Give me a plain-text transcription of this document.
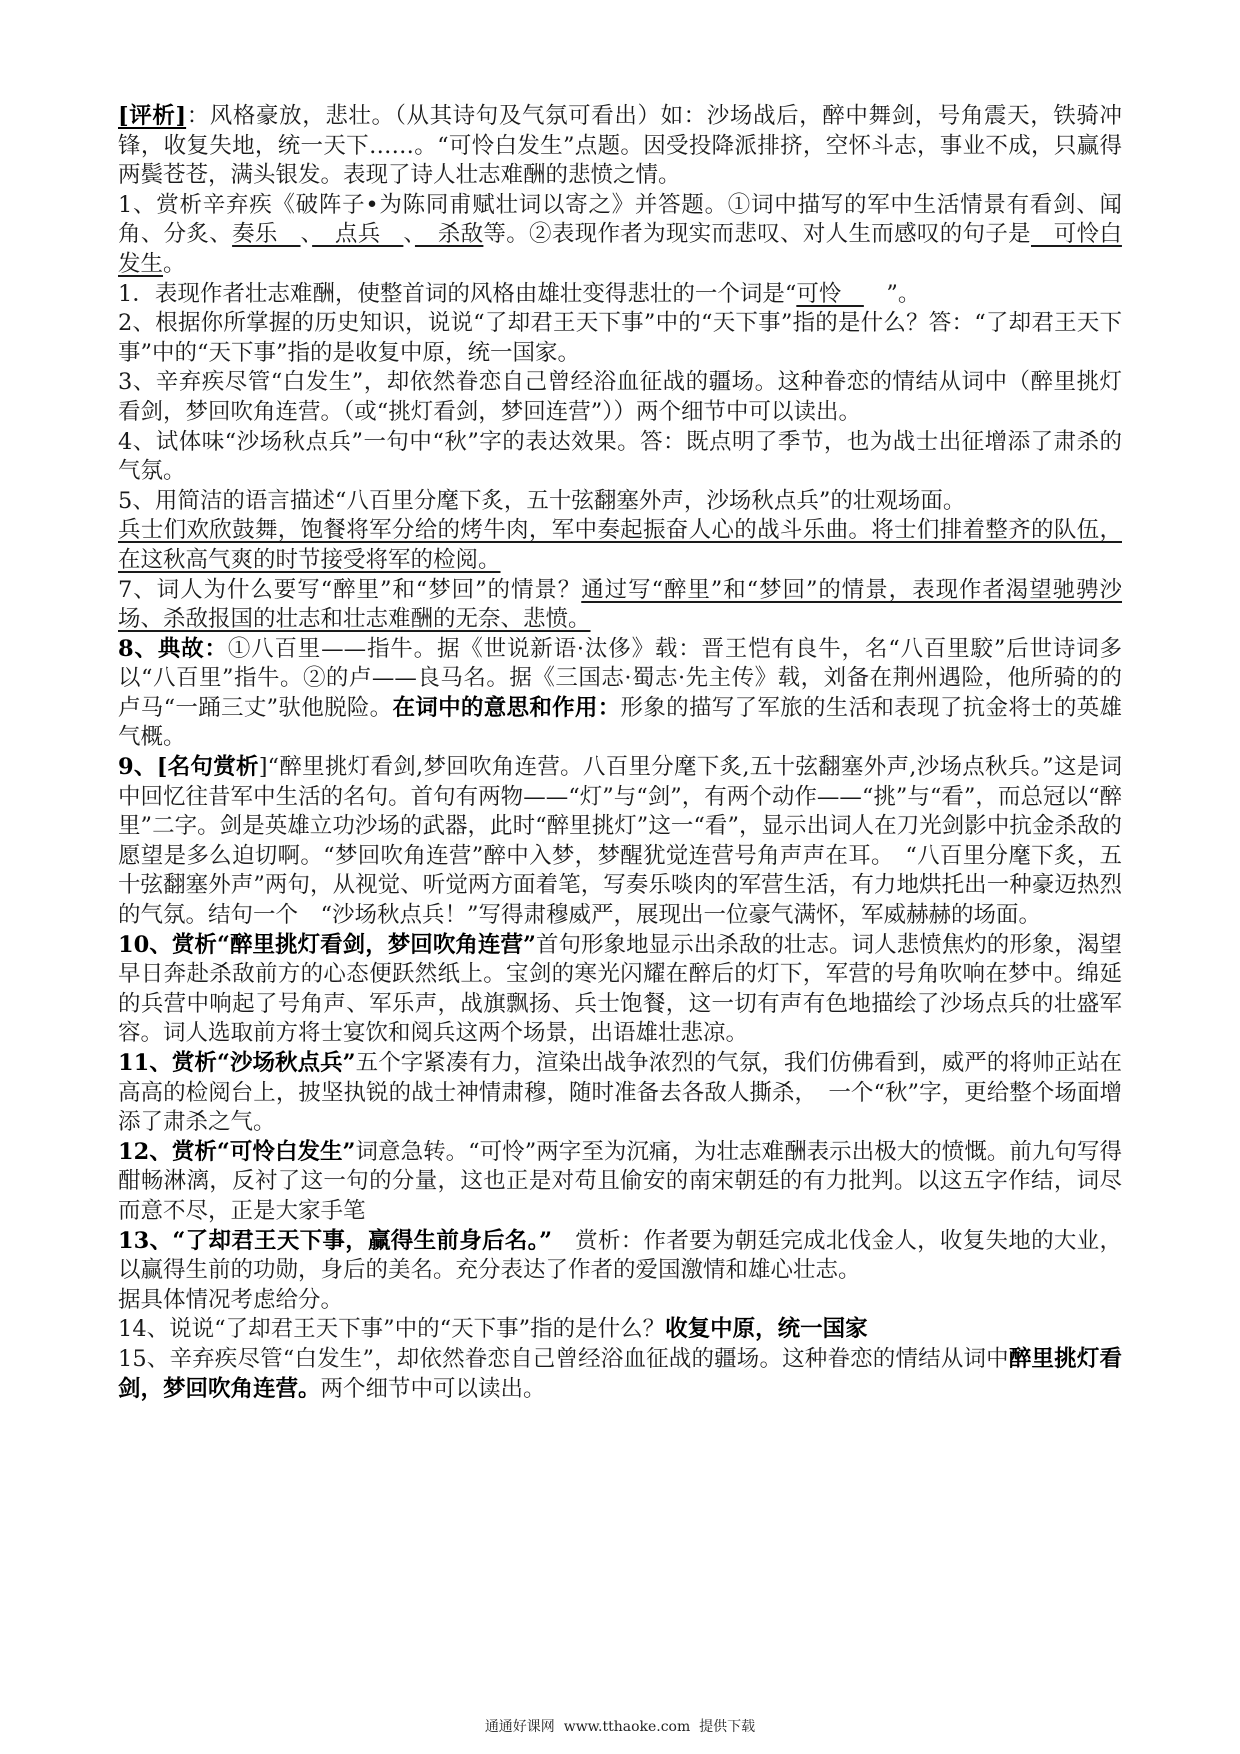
[评析]：风格豪放，悲壮。（从其诗句及气氛可看出）如：沙场战后，醉中舞剑，号角震天，铁骑冲锋，收复失地，统一天下……。“可怜白发生”点题。因受投降派排挤，空怀斗志，事业不成，只赢得两鬓苍苍，满头银发。表现了诗人壮志难酬的悲愤之情。

1、赏析辛弃疾《破阵子•为陈同甫赋壮词以寄之》并答题。①词中描写的军中生活情景有看剑、闻角、分炙、奏乐　、　点兵　、　杀敌等。②表现作者为现实而悲叹、对人生而感叹的句子是　可怜白发生。

1．表现作者壮志难酬，使整首词的风格由雄壮变得悲壮的一个词是“可怜　　”。

2、根据你所掌握的历史知识，说说“了却君王天下事”中的“天下事”指的是什么？答：“了却君王天下事”中的“天下事”指的是收复中原，统一国家。

3、辛弃疾尽管“白发生”，却依然眷恋自己曾经浴血征战的疆场。这种眷恋的情结从词中（醉里挑灯看剑，梦回吹角连营。（或“挑灯看剑，梦回连营”））两个细节中可以读出。

4、试体味“沙场秋点兵”一句中“秋”字的表达效果。答：既点明了季节，也为战士出征增添了肃杀的气氛。

5、用简洁的语言描述“八百里分麾下炙，五十弦翻塞外声，沙场秋点兵”的壮观场面。

兵士们欢欣鼓舞，饱餐将军分给的烤牛肉，军中奏起振奋人心的战斗乐曲。将士们排着整齐的队伍，在这秋高气爽的时节接受将军的检阅。

7、词人为什么要写“醉里”和“梦回”的情景？通过写“醉里”和“梦回”的情景，表现作者渴望驰骋沙场、杀敌报国的壮志和壮志难酬的无奈、悲愤。

8、典故：①八百里——指牛。据《世说新语·汰侈》载：晋王恺有良牛，名“八百里駮”后世诗词多以“八百里”指牛。②的卢——良马名。据《三国志·蜀志·先主传》载，刘备在荆州遇险，他所骑的的卢马“一踊三丈”驮他脱险。在词中的意思和作用：形象的描写了军旅的生活和表现了抗金将士的英雄气概。

9、[名句赏析]“醉里挑灯看剑,梦回吹角连营。八百里分麾下炙,五十弦翻塞外声,沙场点秋兵。”这是词中回忆往昔军中生活的名句。首句有两物——“灯”与“剑”，有两个动作——“挑”与“看”，而总冠以“醉里”二字。剑是英雄立功沙场的武器，此时“醉里挑灯”这一“看”，显示出词人在刀光剑影中抗金杀敌的愿望是多么迫切啊。“梦回吹角连营”醉中入梦，梦醒犹觉连营号角声声在耳。　“八百里分麾下炙，五十弦翻塞外声”两句，从视觉、听觉两方面着笔，写奏乐啖肉的军营生活，有力地烘托出一种豪迈热烈的气氛。结句一个　“沙场秋点兵！”写得肃穆威严，展现出一位豪气满怀，军威赫赫的场面。

10、赏析“醉里挑灯看剑，梦回吹角连营”首句形象地显示出杀敌的壮志。词人悲愤焦灼的形象，渴望早日奔赴杀敌前方的心态便跃然纸上。宝剑的寒光闪耀在醉后的灯下，军营的号角吹响在梦中。绵延的兵营中响起了号角声、军乐声，战旗飘扬、兵士饱餐，这一切有声有色地描绘了沙场点兵的壮盛军容。词人选取前方将士宴饮和阅兵这两个场景，出语雄壮悲凉。

11、赏析“沙场秋点兵”五个字紧凑有力，渲染出战争浓烈的气氛，我们仿佛看到，威严的将帅正站在高高的检阅台上，披坚执锐的战士神情肃穆，随时准备去各敌人撕杀，　一个“秋”字，更给整个场面增添了肃杀之气。

12、赏析“可怜白发生”词意急转。“可怜”两字至为沉痛，为壮志难酬表示出极大的愤慨。前九句写得酣畅淋漓，反衬了这一句的分量，这也正是对苟且偷安的南宋朝廷的有力批判。以这五字作结，词尽而意不尽，正是大家手笔

13、“了却君王天下事，赢得生前身后名。”　赏析：作者要为朝廷完成北伐金人，收复失地的大业，以赢得生前的功勋，身后的美名。充分表达了作者的爱国激情和雄心壮志。

据具体情况考虑给分。

14、说说“了却君王天下事”中的“天下事”指的是什么？收复中原，统一国家

15、辛弃疾尽管“白发生”，却依然眷恋自己曾经浴血征战的疆场。这种眷恋的情结从词中醉里挑灯看剑，梦回吹角连营。两个细节中可以读出。

通通好课网  www.tthaoke.com  提供下载
